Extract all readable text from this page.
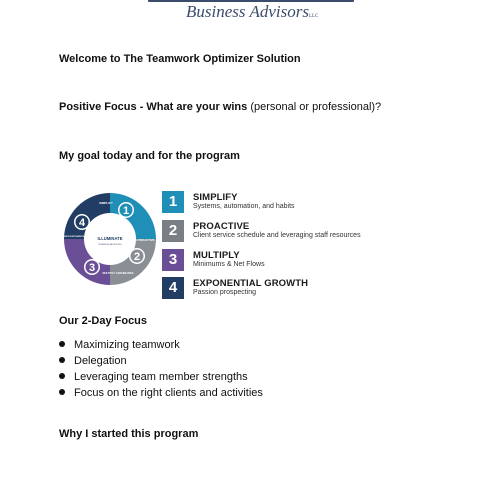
Business AdvisorsLLC
Welcome to The Teamwork Optimizer Solution
Positive Focus - What are your wins (personal or professional)?
My goal today and for the program
ILLUMINATE
BUSINESS ADVISORS
1
2
3
4
SIMPLIFY
BE PROACTIVE
MULTIPLY CAPABILITIES
EXPERIENCE EXPONENTIAL GROWTH
1	SIMPLIFY
Systems, automation, and habits
2	PROACTIVE
Client service schedule and leveraging staff resources
3	MULTIPLY
Minimums & Net Flows
4	EXPONENTIAL GROWTH
Passion prospecting
Our 2-Day Focus
Maximizing teamwork
Delegation
Leveraging team member strengths
Focus on the right clients and activities
Why I started this program
